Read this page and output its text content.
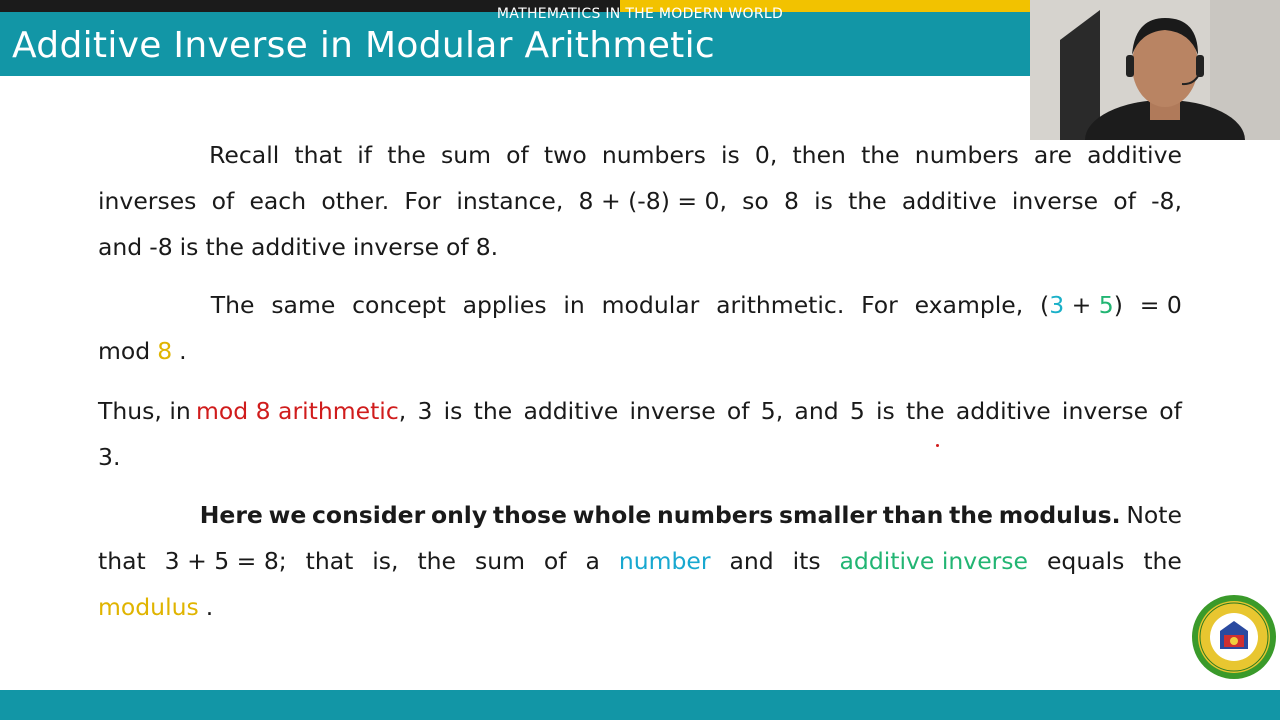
Additive Inverse in Modular Arithmetic
Recall that if the sum of two numbers is 0, then the numbers are additive
inverses of each other. For instance, 8 + (-8) = 0, so 8 is the additive inverse of -8,
and -8 is the additive inverse of 8.
The same concept applies in modular arithmetic. For example, (3 + 5) = 0
mod 8 .
Thus, in mod 8 arithmetic, 3 is the additive inverse of 5, and 5 is the additive inverse of
3.
Here we consider only those whole numbers smaller than the modulus. Note
that 3 + 5 = 8; that is, the sum of a number and its additive inverse equals the
modulus .
MATHEMATICS IN THE MODERN WORLD
